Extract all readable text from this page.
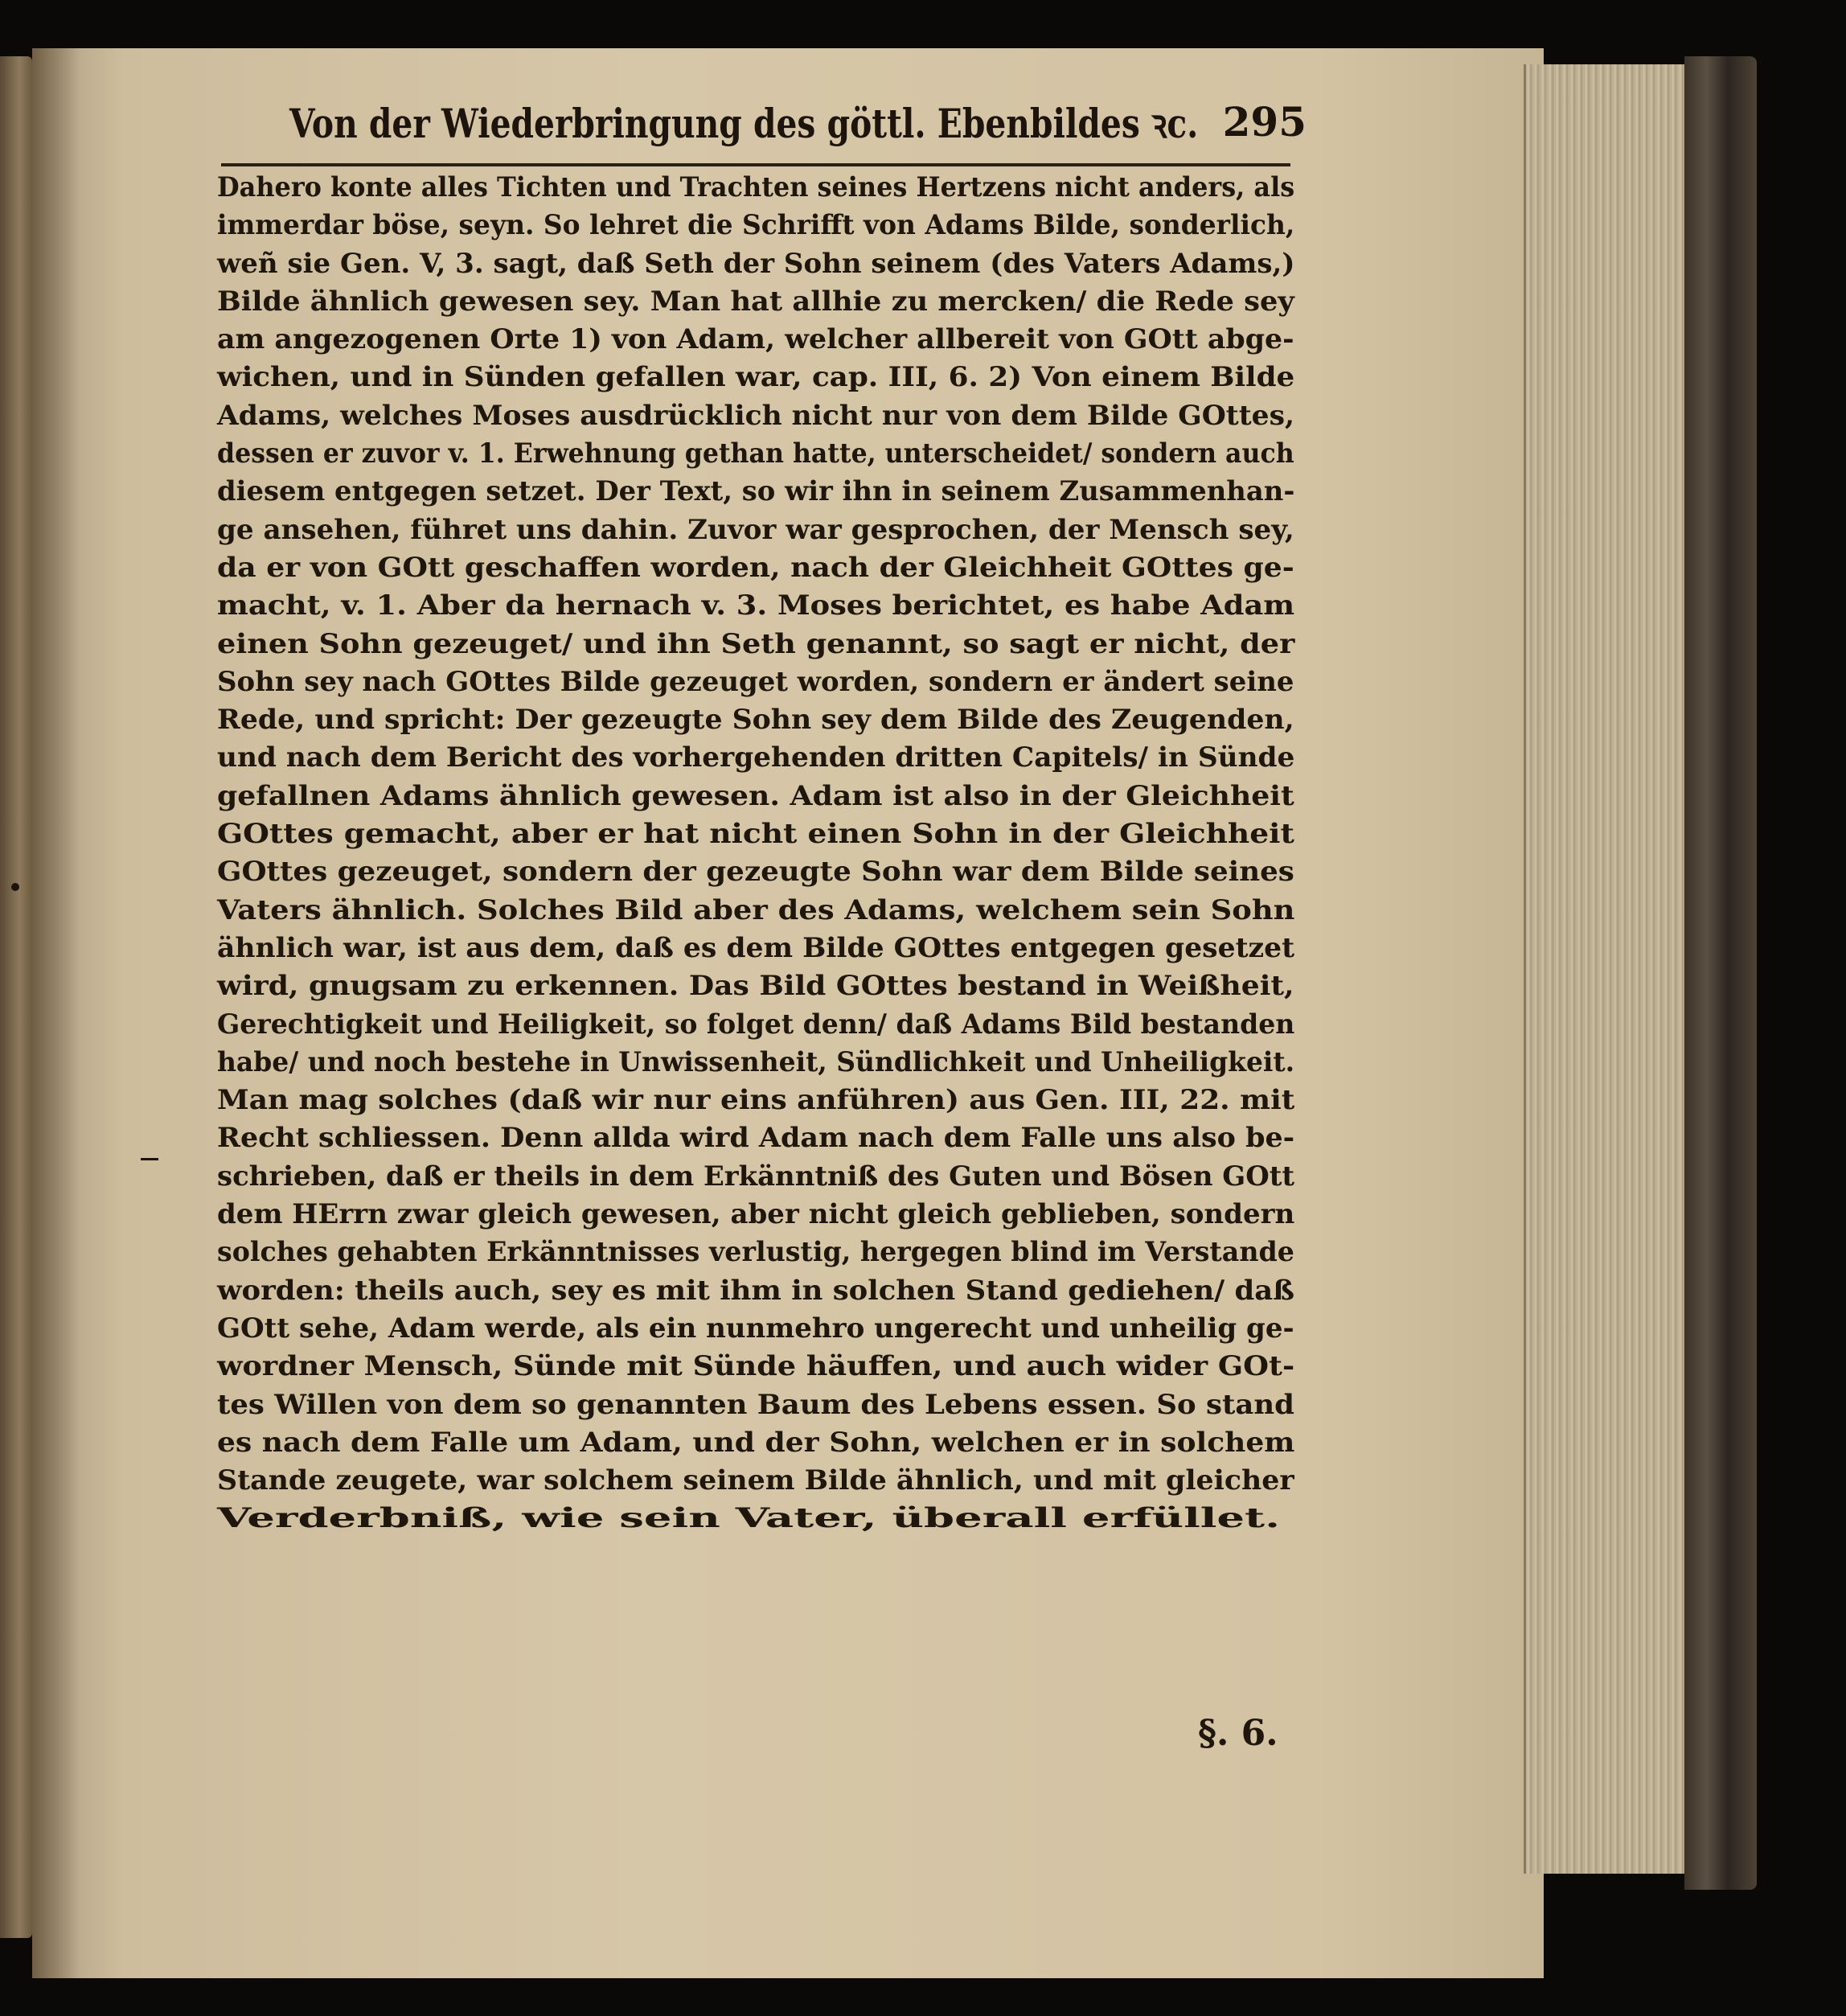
Von der Wiederbringung des göttl. Ebenbildes ꝛc. 295
Dahero konte alles Tichten und Trachten seines Hertzens nicht anders, als
immerdar böse, seyn. So lehret die Schrifft von Adams Bilde, sonderlich,
weñ sie Gen. V, 3. sagt, daß Seth der Sohn seinem (des Vaters Adams,)
Bilde ähnlich gewesen sey. Man hat allhie zu mercken/ die Rede sey
am angezogenen Orte 1) von Adam, welcher allbereit von GOtt abge-
wichen, und in Sünden gefallen war, cap. III, 6. 2) Von einem Bilde
Adams, welches Moses ausdrücklich nicht nur von dem Bilde GOttes,
dessen er zuvor v. 1. Erwehnung gethan hatte, unterscheidet/ sondern auch
diesem entgegen setzet. Der Text, so wir ihn in seinem Zusammenhan-
ge ansehen, führet uns dahin. Zuvor war gesprochen, der Mensch sey,
da er von GOtt geschaffen worden, nach der Gleichheit GOttes ge-
macht, v. 1. Aber da hernach v. 3. Moses berichtet, es habe Adam
einen Sohn gezeuget/ und ihn Seth genannt, so sagt er nicht, der
Sohn sey nach GOttes Bilde gezeuget worden, sondern er ändert seine
Rede, und spricht: Der gezeugte Sohn sey dem Bilde des Zeugenden,
und nach dem Bericht des vorhergehenden dritten Capitels/ in Sünde
gefallnen Adams ähnlich gewesen. Adam ist also in der Gleichheit
GOttes gemacht, aber er hat nicht einen Sohn in der Gleichheit
GOttes gezeuget, sondern der gezeugte Sohn war dem Bilde seines
Vaters ähnlich. Solches Bild aber des Adams, welchem sein Sohn
ähnlich war, ist aus dem, daß es dem Bilde GOttes entgegen gesetzet
wird, gnugsam zu erkennen. Das Bild GOttes bestand in Weißheit,
Gerechtigkeit und Heiligkeit, so folget denn/ daß Adams Bild bestanden
habe/ und noch bestehe in Unwissenheit, Sündlichkeit und Unheiligkeit.
Man mag solches (daß wir nur eins anführen) aus Gen. III, 22. mit
Recht schliessen. Denn allda wird Adam nach dem Falle uns also be-
schrieben, daß er theils in dem Erkänntniß des Guten und Bösen GOtt
dem HErrn zwar gleich gewesen, aber nicht gleich geblieben, sondern
solches gehabten Erkänntnisses verlustig, hergegen blind im Verstande
worden: theils auch, sey es mit ihm in solchen Stand gediehen/ daß
GOtt sehe, Adam werde, als ein nunmehro ungerecht und unheilig ge-
wordner Mensch, Sünde mit Sünde häuffen, und auch wider GOt-
tes Willen von dem so genannten Baum des Lebens essen. So stand
es nach dem Falle um Adam, und der Sohn, welchen er in solchem
Stande zeugete, war solchem seinem Bilde ähnlich, und mit gleicher
Verderbniß, wie sein Vater, überall erfüllet.
§. 6.
